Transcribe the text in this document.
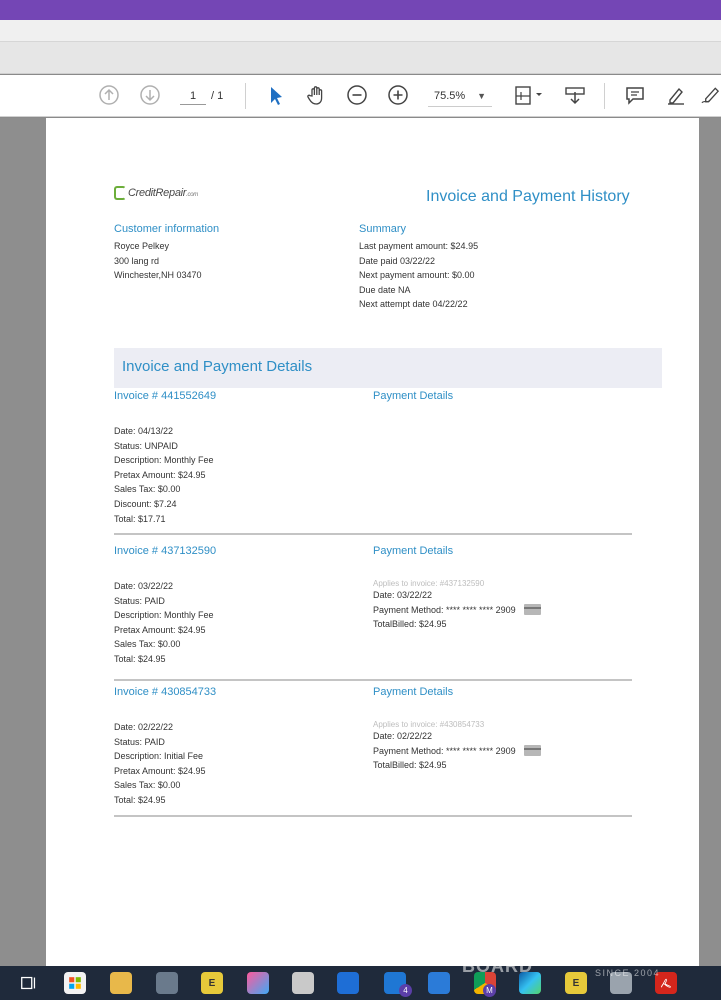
1	/ 1	75.5% ▼
CreditRepair.com	Invoice and Payment History
Customer information
Royce Pelkey
300 lang rd
Winchester,NH 03470
Summary
Last payment amount: $24.95
Date paid 03/22/22
Next payment amount: $0.00
Due date NA
Next attempt date 04/22/22
Invoice and Payment Details
Invoice # 441552649
Date: 04/13/22
Status: UNPAID
Description: Monthly Fee
Pretax Amount: $24.95
Sales Tax: $0.00
Discount: $7.24
Total: $17.71
Payment Details
Invoice # 437132590
Date: 03/22/22
Status: PAID
Description: Monthly Fee
Pretax Amount: $24.95
Sales Tax: $0.00
Total: $24.95
Payment Details
Applies to invoice: #437132590
Date: 03/22/22
Payment Method: **** **** **** 2909
TotalBilled: $24.95
Invoice # 430854733
Date: 02/22/22
Status: PAID
Description: Initial Fee
Pretax Amount: $24.95
Sales Tax: $0.00
Total: $24.95
Payment Details
Applies to invoice: #430854733
Date: 02/22/22
Payment Method: **** **** **** 2909
TotalBilled: $24.95
E
4	M
E
BOARD	SINCE 2004
